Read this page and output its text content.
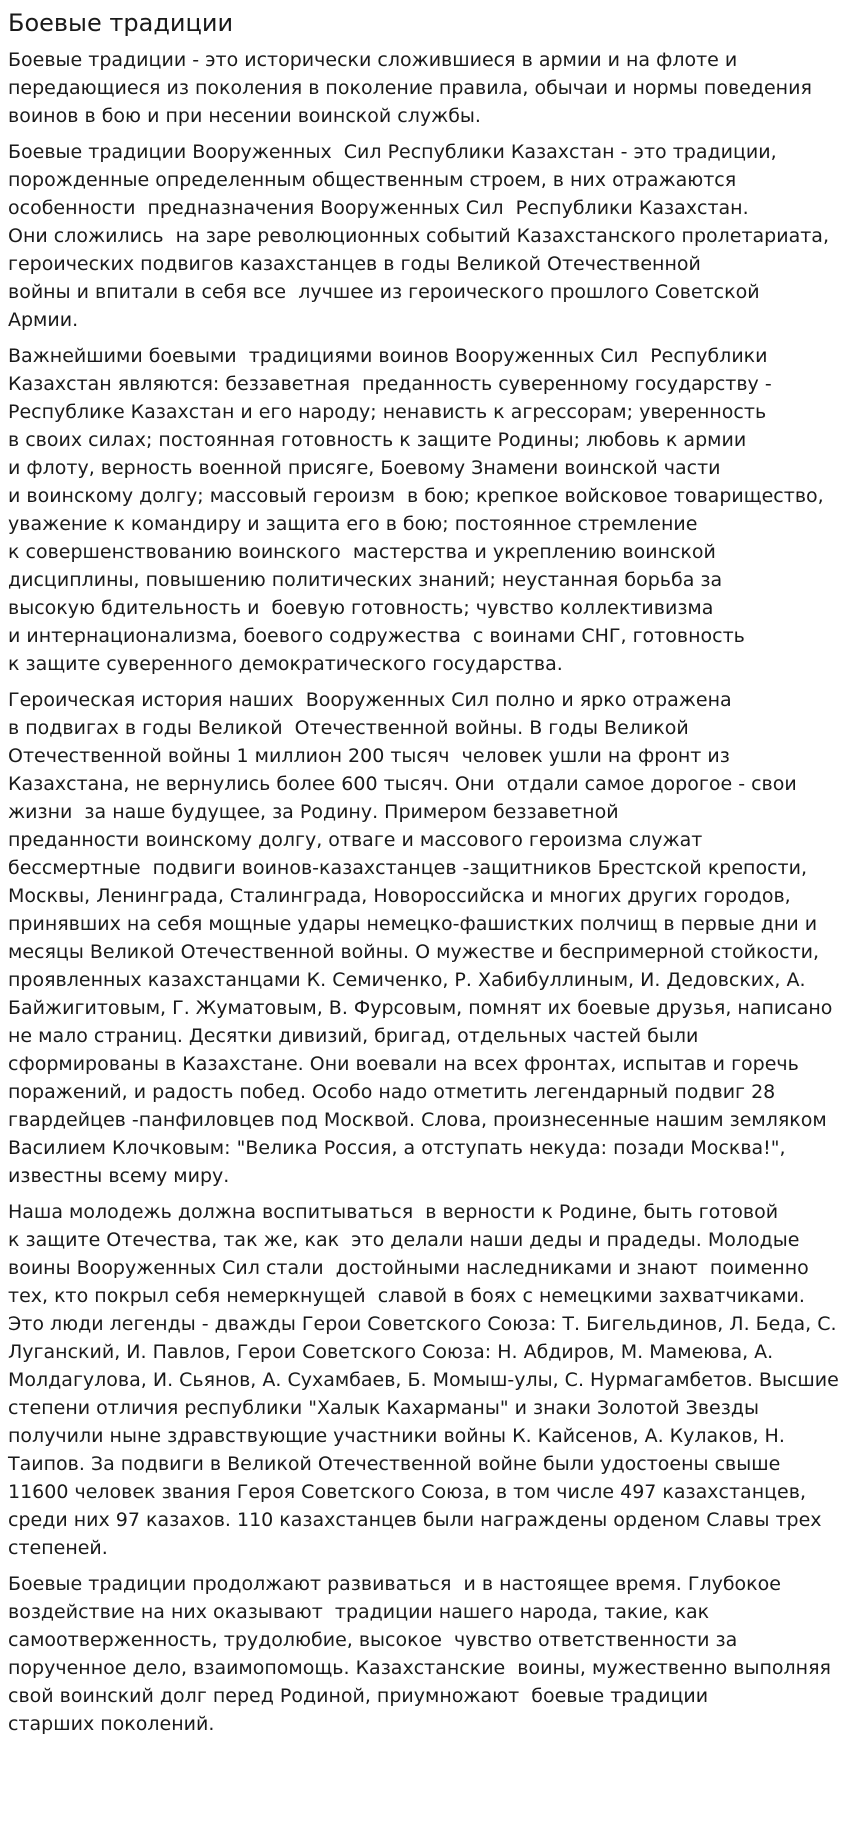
Боевые традиции
Боевые традиции - это исторически сложившиеся в армии и на флоте и
передающиеся из поколения в поколение правила, обычаи и нормы поведения
воинов в бою и при несении воинской службы.
Боевые традиции Вооруженных  Сил Республики Казахстан - это традиции,
порожденные определенным общественным строем, в них отражаются
особенности  предназначения Вооруженных Сил  Республики Казахстан.
Они сложились  на заре революционных событий Казахстанского пролетариата,
героических подвигов казахстанцев в годы Великой Отечественной
войны и впитали в себя все  лучшее из героического прошлого Советской
Армии.
Важнейшими боевыми  традициями воинов Вооруженных Сил  Республики
Казахстан являются: беззаветная  преданность суверенному государству -
Республике Казахстан и его народу; ненависть к агрессорам; уверенность
в своих силах; постоянная готовность к защите Родины; любовь к армии
и флоту, верность военной присяге, Боевому Знамени воинской части
и воинскому долгу; массовый героизм  в бою; крепкое войсковое товарищество,
уважение к командиру и защита его в бою; постоянное стремление
к совершенствованию воинского  мастерства и укреплению воинской
дисциплины, повышению политических знаний; неустанная борьба за
высокую бдительность и  боевую готовность; чувство коллективизма
и интернационализма, боевого содружества  с воинами СНГ, готовность
к защите суверенного демократического государства.
Героическая история наших  Вооруженных Сил полно и ярко отражена
в подвигах в годы Великой  Отечественной войны. В годы Великой
Отечественной войны 1 миллион 200 тысяч  человек ушли на фронт из
Казахстана, не вернулись более 600 тысяч. Они  отдали самое дорогое - свои
жизни  за наше будущее, за Родину. Примером беззаветной
преданности воинскому долгу, отваге и массового героизма служат
бессмертные  подвиги воинов-казахстанцев -защитников Брестской крепости,
Москвы, Ленинграда, Сталинграда, Новороссийска и многих других городов,
принявших на себя мощные удары немецко-фашистких полчищ в первые дни и
месяцы Великой Отечественной войны. О мужестве и беспримерной стойкости,
проявленных казахстанцами К. Семиченко, Р. Хабибуллиным, И. Дедовских, А.
Байжигитовым, Г. Жуматовым, В. Фурсовым, помнят их боевые друзья, написано
не мало страниц. Десятки дивизий, бригад, отдельных частей были
сформированы в Казахстане. Они воевали на всех фронтах, испытав и горечь
поражений, и радость побед. Особо надо отметить легендарный подвиг 28
гвардейцев -панфиловцев под Москвой. Слова, произнесенные нашим земляком
Василием Клочковым: "Велика Россия, а отступать некуда: позади Москва!",
известны всему миру.
Наша молодежь должна воспитываться  в верности к Родине, быть готовой
к защите Отечества, так же, как  это делали наши деды и прадеды. Молодые
воины Вооруженных Сил стали  достойными наследниками и знают  поименно
тех, кто покрыл себя немеркнущей  славой в боях с немецкими захватчиками.
Это люди легенды - дважды Герои Советского Союза: Т. Бигельдинов, Л. Беда, С.
Луганский, И. Павлов, Герои Советского Союза: Н. Абдиров, М. Мамеюва, А.
Молдагулова, И. Сьянов, А. Сухамбаев, Б. Момыш-улы, С. Нурмагамбетов. Высшие
степени отличия республики "Халык Кахарманы" и знаки Золотой Звезды
получили ныне здравствующие участники войны К. Кайсенов, А. Кулаков, Н.
Таипов. За подвиги в Великой Отечественной войне были удостоены свыше
11600 человек звания Героя Советского Союза, в том числе 497 казахстанцев,
среди них 97 казахов. 110 казахстанцев были награждены орденом Славы трех
степеней.
Боевые традиции продолжают развиваться  и в настоящее время. Глубокое
воздействие на них оказывают  традиции нашего народа, такие, как
самоотверженность, трудолюбие, высокое  чувство ответственности за
порученное дело, взаимопомощь. Казахстанские  воины, мужественно выполняя
свой воинский долг перед Родиной, приумножают  боевые традиции
старших поколений.
